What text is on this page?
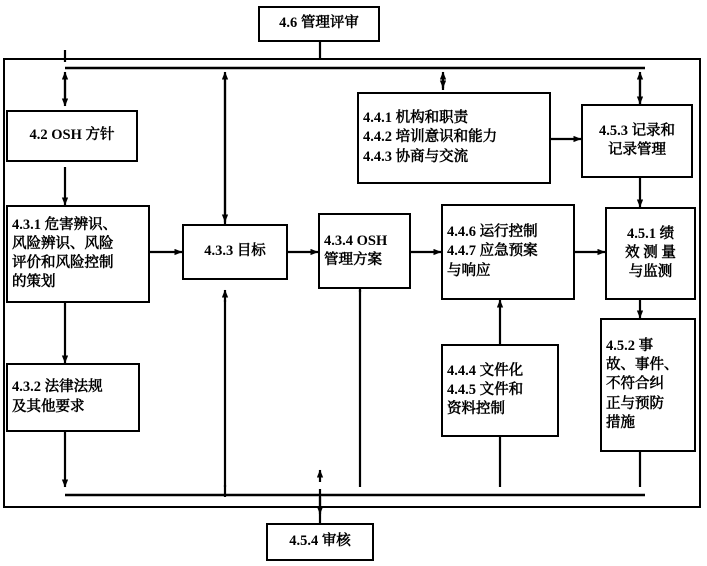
4.6 管理评审
4.2 OSH 方针
4.4.1 机构和职责
4.4.2 培训意识和能力
4.4.3 协商与交流
4.5.3 记录和
记录管理
4.3.1 危害辨识、
风险辨识、风险
评价和风险控制
的策划
4.3.3 目标
4.3.4 OSH
管理方案
4.4.6 运行控制
4.4.7 应急预案
与响应
4.5.1 绩
效 测 量
与监测
4.3.2 法律法规
及其他要求
4.4.4 文件化
4.4.5 文件和
资料控制
4.5.2 事
故、事件、
不符合纠
正与预防
措施
4.5.4 审核
